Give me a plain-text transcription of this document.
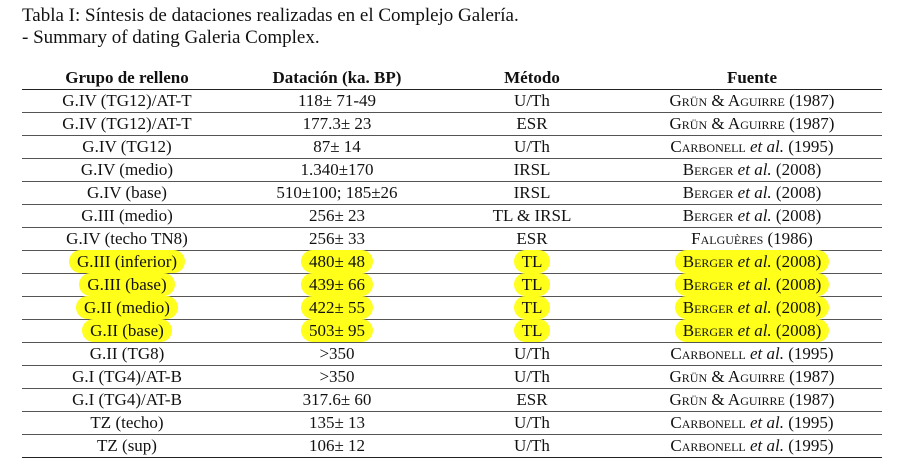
Tabla I: Síntesis de dataciones realizadas en el Complejo Galería.
- Summary of dating Galeria Complex.
Grupo de relleno	Datación (ka. BP)	Método	Fuente
G.IV (TG12)/AT-T	118± 71-49	U/Th	Grün & Aguirre (1987)
G.IV (TG12)/AT-T	177.3± 23	ESR	Grün & Aguirre (1987)
G.IV (TG12)	87± 14	U/Th	Carbonell et al. (1995)
G.IV (medio)	1.340±170	IRSL	Berger et al. (2008)
G.IV (base)	510±100; 185±26	IRSL	Berger et al. (2008)
G.III (medio)	256± 23	TL & IRSL	Berger et al. (2008)
G.IV (techo TN8)	256± 33	ESR	Falguères (1986)
G.III (inferior)	480± 48	TL	Berger et al. (2008)
G.III (base)	439± 66	TL	Berger et al. (2008)
G.II (medio)	422± 55	TL	Berger et al. (2008)
G.II (base)	503± 95	TL	Berger et al. (2008)
G.II (TG8)	>350	U/Th	Carbonell et al. (1995)
G.I (TG4)/AT-B	>350	U/Th	Grün & Aguirre (1987)
G.I (TG4)/AT-B	317.6± 60	ESR	Grün & Aguirre (1987)
TZ (techo)	135± 13	U/Th	Carbonell et al. (1995)
TZ (sup)	106± 12	U/Th	Carbonell et al. (1995)
